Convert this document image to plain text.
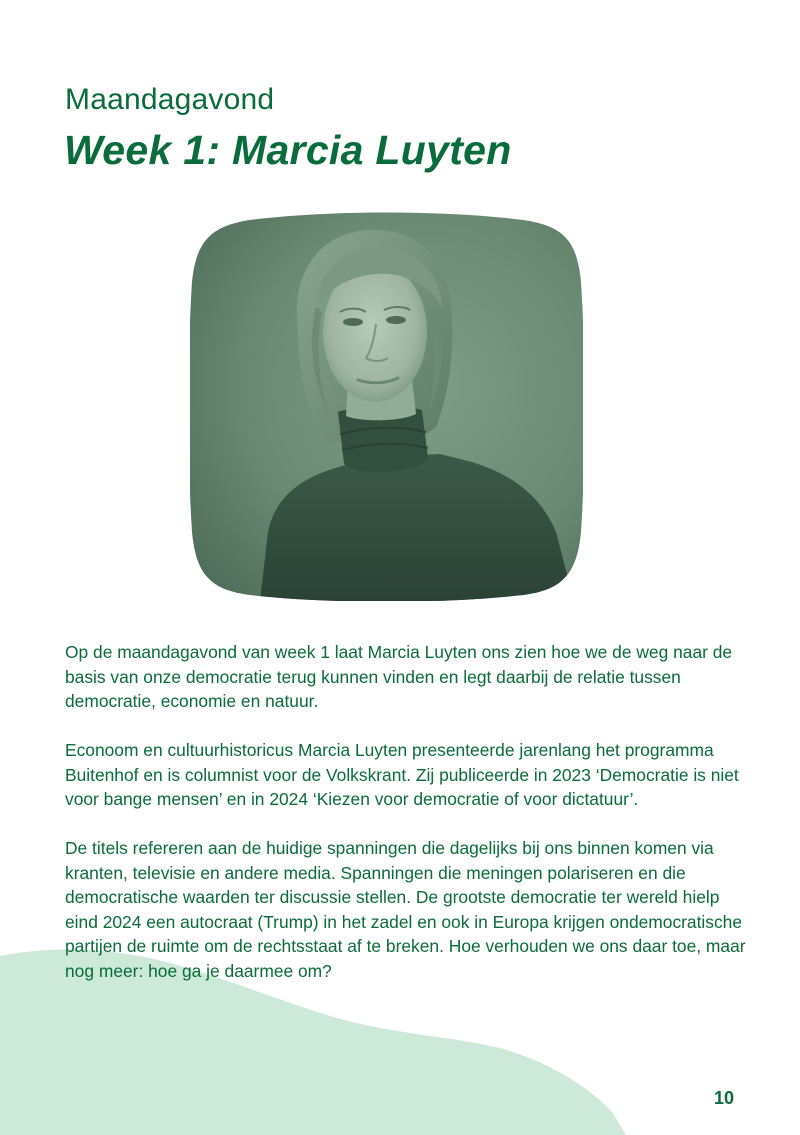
Maandagavond
Week 1: Marcia Luyten

Op de maandagavond van week 1 laat Marcia Luyten ons zien hoe we de weg naar de basis van onze democratie terug kunnen vinden en legt daarbij de relatie tussen democratie, economie en natuur.

Econoom en cultuurhistoricus Marcia Luyten presenteerde jarenlang het programma Buitenhof en is columnist voor de Volkskrant. Zij publiceerde in 2023 ‘Democratie is niet voor bange mensen’ en in 2024 ‘Kiezen voor democratie of voor dictatuur’.

De titels refereren aan de huidige spanningen die dagelijks bij ons binnen komen via kranten, televisie en andere media. Spanningen die meningen polariseren en die democratische waarden ter discussie stellen. De grootste democratie ter wereld hielp eind 2024 een autocraat (Trump) in het zadel en ook in Europa krijgen ondemocratische partijen de ruimte om de rechtsstaat af te breken. Hoe verhouden we ons daar toe, maar nog meer: hoe ga je daarmee om?

10
